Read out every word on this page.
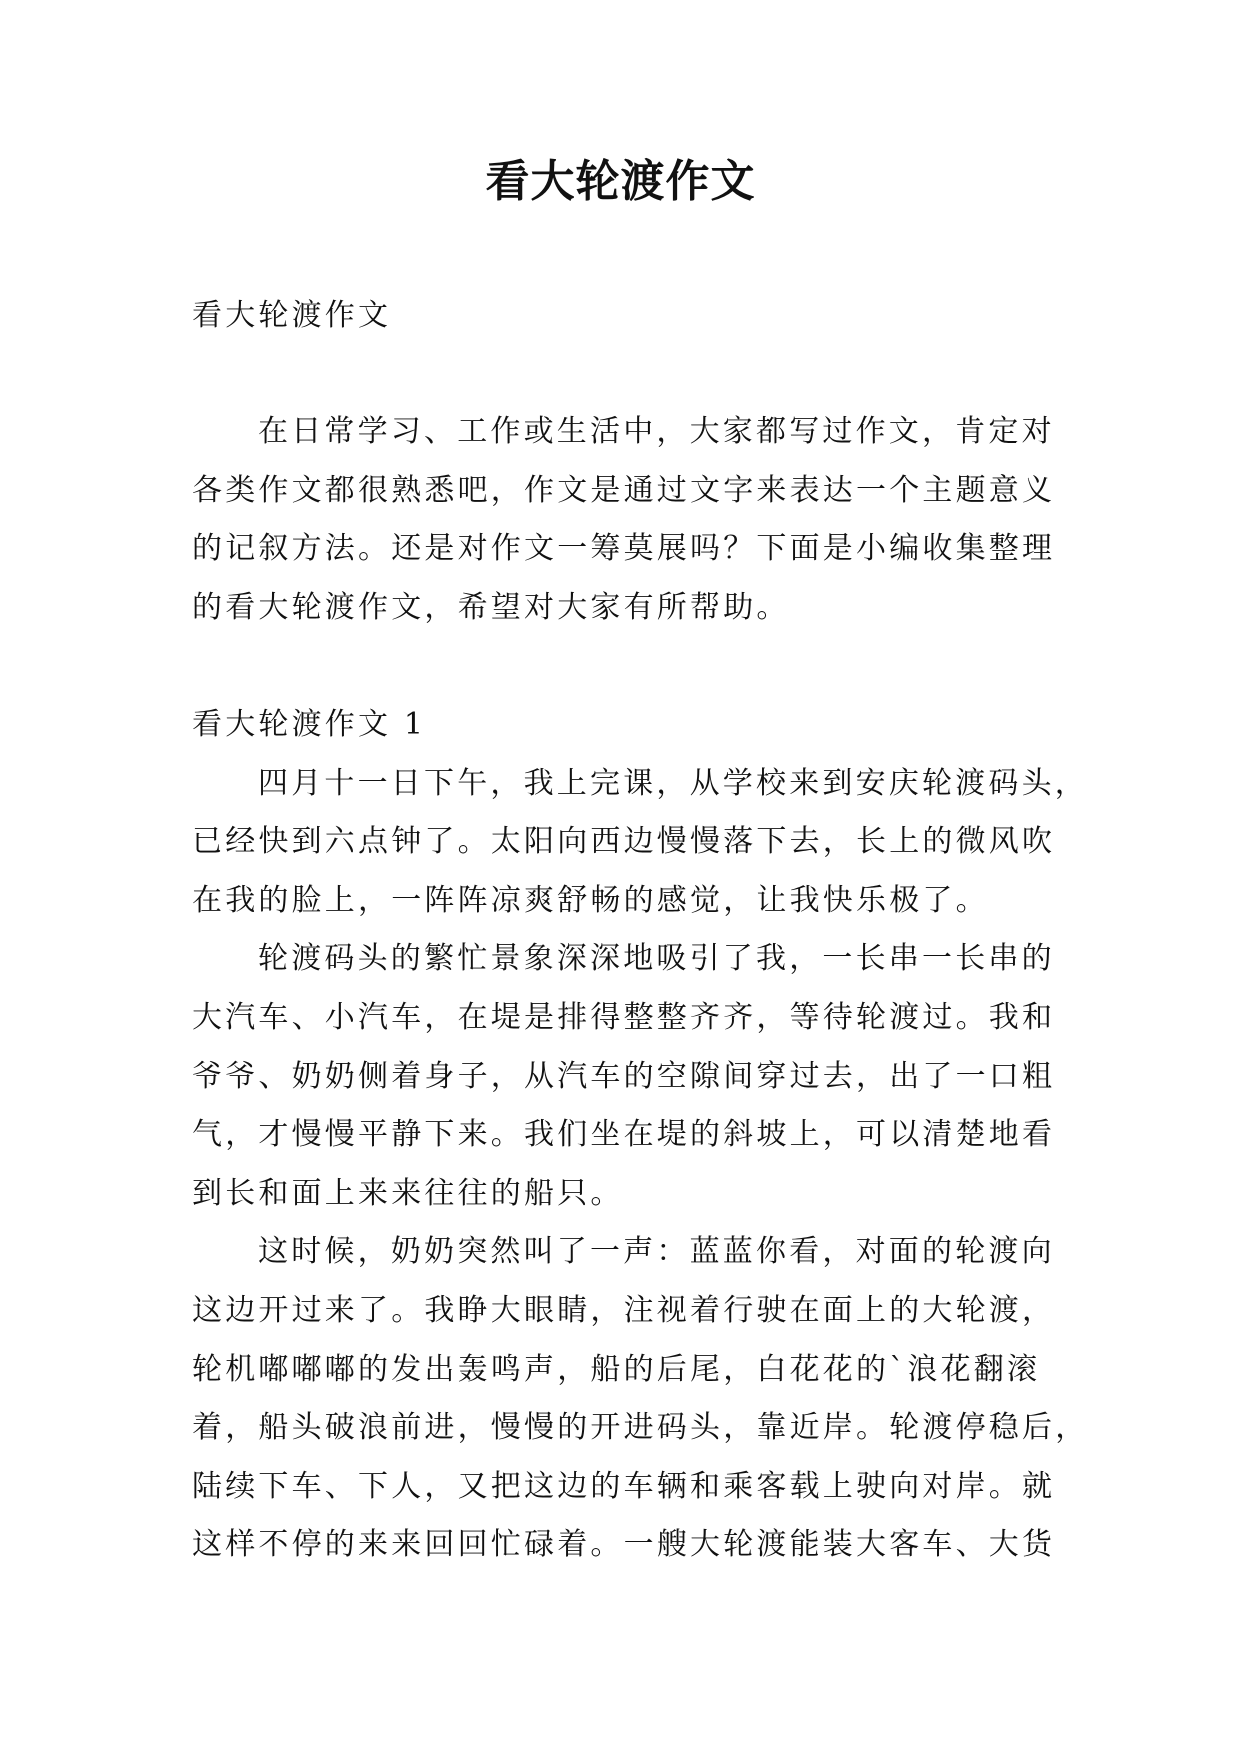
看大轮渡作文
看大轮渡作文
在日常学习、工作或生活中，大家都写过作文，肯定对
各类作文都很熟悉吧，作文是通过文字来表达一个主题意义
的记叙方法。还是对作文一筹莫展吗？下面是小编收集整理
的看大轮渡作文，希望对大家有所帮助。
看大轮渡作文 1
四月十一日下午，我上完课，从学校来到安庆轮渡码头，
已经快到六点钟了。太阳向西边慢慢落下去，长上的微风吹
在我的脸上，一阵阵凉爽舒畅的感觉，让我快乐极了。
轮渡码头的繁忙景象深深地吸引了我，一长串一长串的
大汽车、小汽车，在堤是排得整整齐齐，等待轮渡过。我和
爷爷、奶奶侧着身子，从汽车的空隙间穿过去，出了一口粗
气，才慢慢平静下来。我们坐在堤的斜坡上，可以清楚地看
到长和面上来来往往的船只。
这时候，奶奶突然叫了一声：蓝蓝你看，对面的轮渡向
这边开过来了。我睁大眼睛，注视着行驶在面上的大轮渡，
轮机嘟嘟嘟的发出轰鸣声，船的后尾，白花花的`浪花翻滚
着，船头破浪前进，慢慢的开进码头，靠近岸。轮渡停稳后，
陆续下车、下人，又把这边的车辆和乘客载上驶向对岸。就
这样不停的来来回回忙碌着。一艘大轮渡能装大客车、大货
